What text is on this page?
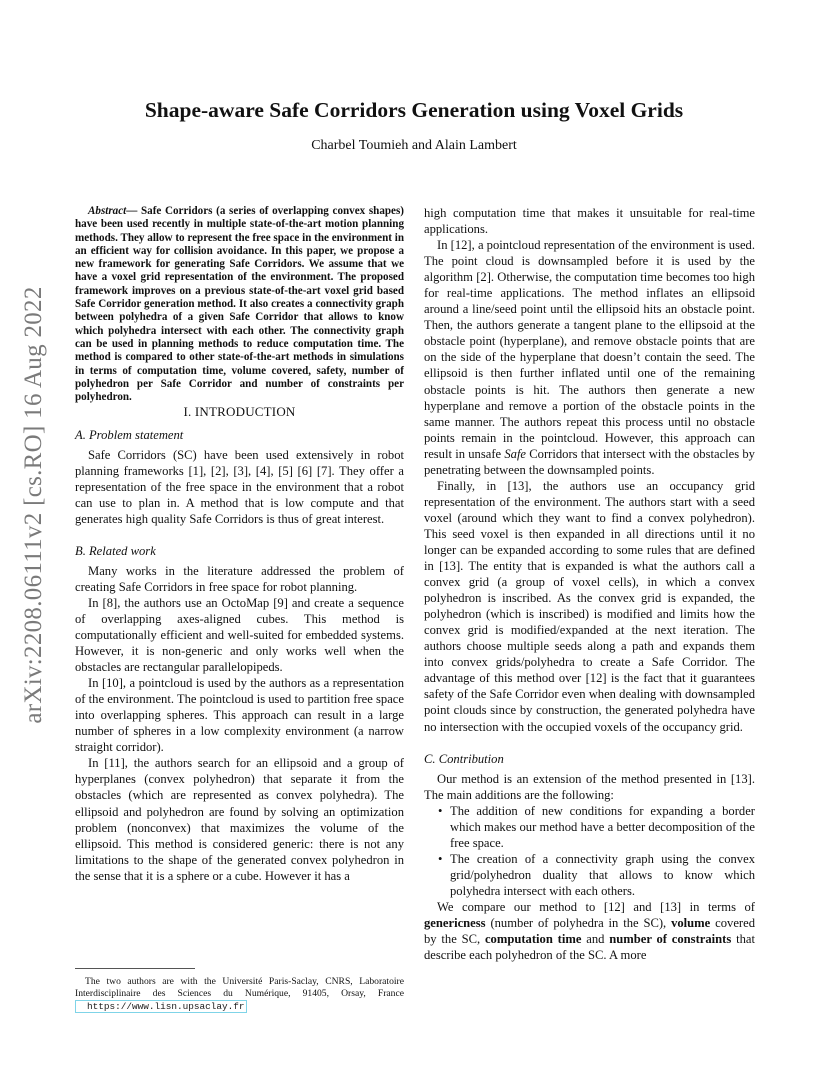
arXiv:2208.06111v2 [cs.RO] 16 Aug 2022
Shape-aware Safe Corridors Generation using Voxel Grids
Charbel Toumieh and Alain Lambert

Abstract— Safe Corridors (a series of overlapping convex shapes) have been used recently in multiple state-of-the-art motion planning methods. They allow to represent the free space in the environment in an efficient way for collision avoidance. In this paper, we propose a new framework for generating Safe Corridors. We assume that we have a voxel grid representation of the environment. The proposed framework improves on a previous state-of-the-art voxel grid based Safe Corridor generation method. It also creates a connectivity graph between polyhedra of a given Safe Corridor that allows to know which polyhedra intersect with each other. The connectivity graph can be used in planning methods to reduce computation time. The method is compared to other state-of-the-art methods in simulations in terms of computation time, volume covered, safety, number of polyhedron per Safe Corridor and number of constraints per polyhedron.

I. INTRODUCTION
A. Problem statement

Safe Corridors (SC) have been used extensively in robot planning frameworks [1], [2], [3], [4], [5] [6] [7]. They offer a representation of the free space in the environment that a robot can use to plan in. A method that is low compute and that generates high quality Safe Corridors is thus of great interest.

B. Related work

Many works in the literature addressed the problem of creating Safe Corridors in free space for robot planning.

In [8], the authors use an OctoMap [9] and create a sequence of overlapping axes-aligned cubes. This method is computationally efficient and well-suited for embedded systems. However, it is non-generic and only works well when the obstacles are rectangular parallelopipeds.

In [10], a pointcloud is used by the authors as a representation of the environment. The pointcloud is used to partition free space into overlapping spheres. This approach can result in a large number of spheres in a low complexity environment (a narrow straight corridor).

In [11], the authors search for an ellipsoid and a group of hyperplanes (convex polyhedron) that separate it from the obstacles (which are represented as convex polyhedra). The ellipsoid and polyhedron are found by solving an optimization problem (nonconvex) that maximizes the volume of the ellipsoid. This method is considered generic: there is not any limitations to the shape of the generated convex polyhedron in the sense that it is a sphere or a cube. However it has a

high computation time that makes it unsuitable for real-time applications.

In [12], a pointcloud representation of the environment is used. The point cloud is downsampled before it is used by the algorithm [2]. Otherwise, the computation time becomes too high for real-time applications. The method inflates an ellipsoid around a line/seed point until the ellipsoid hits an obstacle point. Then, the authors generate a tangent plane to the ellipsoid at the obstacle point (hyperplane), and remove obstacle points that are on the side of the hyperplane that doesn’t contain the seed. The ellipsoid is then further inflated until one of the remaining obstacle points is hit. The authors then generate a new hyperplane and remove a portion of the obstacle points in the same manner. The authors repeat this process until no obstacle points remain in the pointcloud. However, this approach can result in unsafe Safe Corridors that intersect with the obstacles by penetrating between the downsampled points.

Finally, in [13], the authors use an occupancy grid representation of the environment. The authors start with a seed voxel (around which they want to find a convex polyhedron). This seed voxel is then expanded in all directions until it no longer can be expanded according to some rules that are defined in [13]. The entity that is expanded is what the authors call a convex grid (a group of voxel cells), in which a convex polyhedron is inscribed. As the convex grid is expanded, the polyhedron (which is inscribed) is modified and limits how the convex grid is modified/expanded at the next iteration. The authors choose multiple seeds along a path and expands them into convex grids/polyhedra to create a Safe Corridor. The advantage of this method over [12] is the fact that it guarantees safety of the Safe Corridor even when dealing with downsampled point clouds since by construction, the generated polyhedra have no intersection with the occupied voxels of the occupancy grid.

C. Contribution

Our method is an extension of the method presented in [13]. The main additions are the following:

• The addition of new conditions for expanding a border which makes our method have a better decomposition of the free space.
• The creation of a connectivity graph using the convex grid/polyhedron duality that allows to know which polyhedra intersect with each others.

We compare our method to [12] and [13] in terms of genericness (number of polyhedra in the SC), volume covered by the SC, computation time and number of constraints that describe each polyhedron of the SC. A more

The two authors are with the Université Paris-Saclay, CNRS, Laboratoire Interdisciplinaire des Sciences du Numérique, 91405, Orsay, France https://www.lisn.upsaclay.fr
